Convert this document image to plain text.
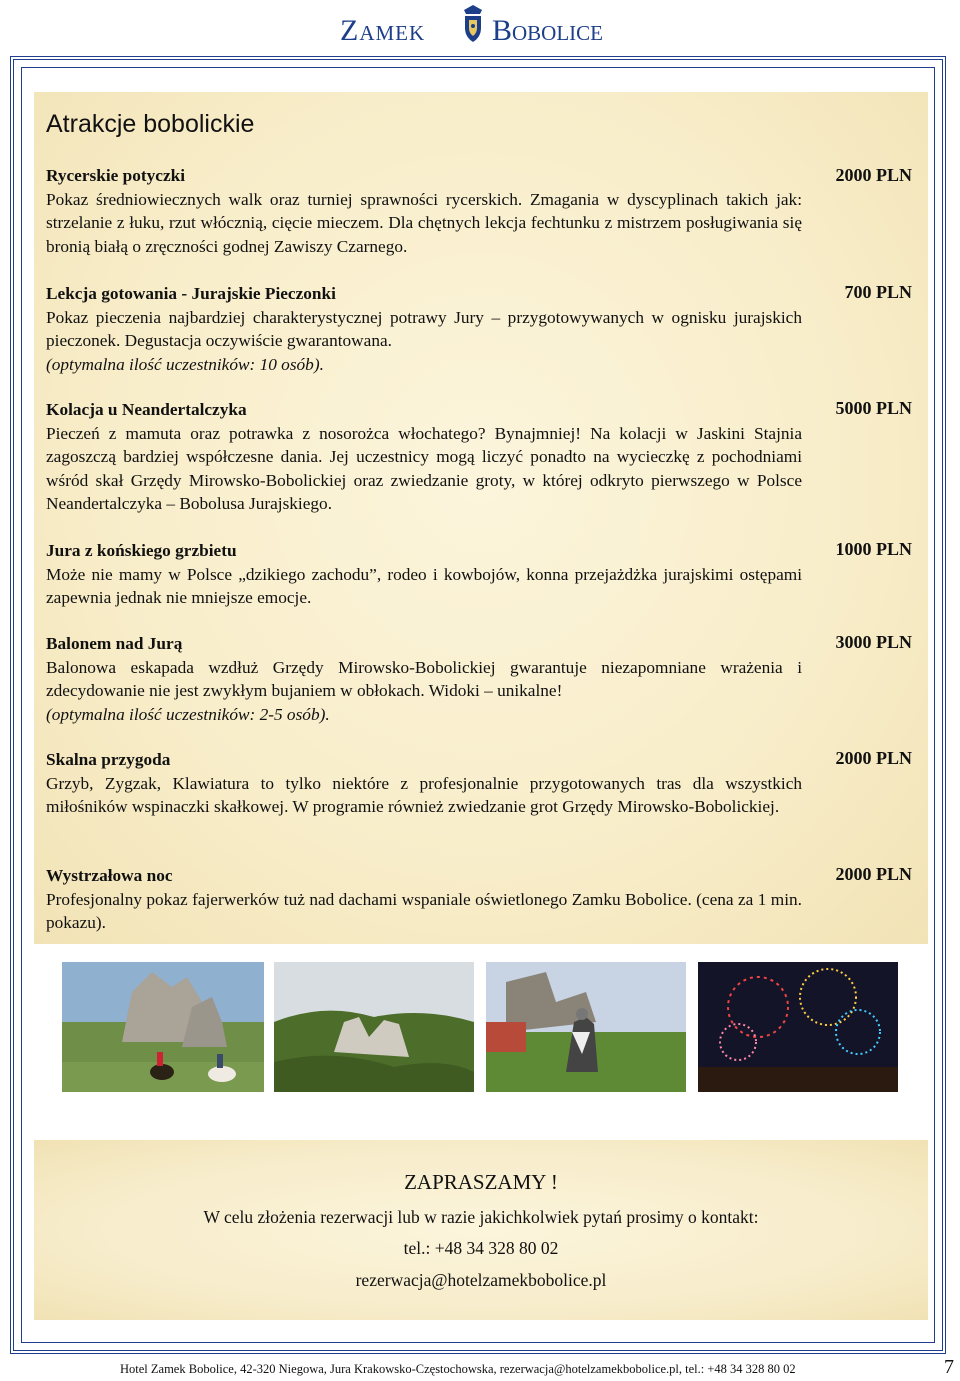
Zamek Bobolice
Atrakcje bobolickie
Rycerskie potyczki
Pokaz średniowiecznych walk oraz turniej sprawności rycerskich. Zmagania w dyscyplinach takich jak: strzelanie z łuku, rzut włócznią, cięcie mieczem. Dla chętnych lekcja fechtunku z mistrzem posługiwania się bronią białą o zręczności godnej Zawiszy Czarnego.
2000 PLN
Lekcja gotowania - Jurajskie Pieczonki
Pokaz pieczenia najbardziej charakterystycznej potrawy Jury – przygotowywanych w ognisku jurajskich pieczonek. Degustacja oczywiście gwarantowana.
(optymalna ilość uczestników: 10 osób).
700 PLN
Kolacja u Neandertalczyka
Pieczeń z mamuta oraz potrawka z nosorożca włochatego? Bynajmniej! Na kolacji w Jaskini Stajnia zagoszczą bardziej współczesne dania. Jej uczestnicy mogą liczyć ponadto na wycieczkę z pochodniami wśród skał Grzędy Mirowsko-Bobolickiej oraz zwiedzanie groty, w której odkryto pierwszego w Polsce Neandertalczyka – Bobolusa Jurajskiego.
5000 PLN
Jura z końskiego grzbietu
Może nie mamy w Polsce „dzikiego zachodu”, rodeo i kowbojów, konna przejażdżka jurajskimi ostępami zapewnia jednak nie mniejsze emocje.
1000 PLN
Balonem nad Jurą
Balonowa eskapada wzdłuż Grzędy Mirowsko-Bobolickiej gwarantuje niezapomniane wrażenia i zdecydowanie nie jest zwykłym bujaniem w obłokach. Widoki – unikalne!
(optymalna ilość uczestników: 2-5 osób).
3000 PLN
Skalna przygoda
Grzyb, Zygzak, Klawiatura to tylko niektóre z profesjonalnie przygotowanych tras dla wszystkich miłośników wspinaczki skałkowej. W programie również zwiedzanie grot Grzędy Mirowsko-Bobolickiej.
2000 PLN
Wystrzałowa noc
Profesjonalny pokaz fajerwerków tuż nad dachami wspaniale oświetlonego Zamku Bobolice. (cena za 1 min. pokazu).
2000 PLN
ZAPRASZAMY !
W celu złożenia rezerwacji lub w razie jakichkolwiek pytań prosimy o kontakt:
tel.: +48 34 328 80 02
rezerwacja@hotelzamekbobolice.pl
Hotel Zamek Bobolice, 42-320 Niegowa, Jura Krakowsko-Częstochowska, rezerwacja@hotelzamekbobolice.pl, tel.: +48 34 328 80 02	7
